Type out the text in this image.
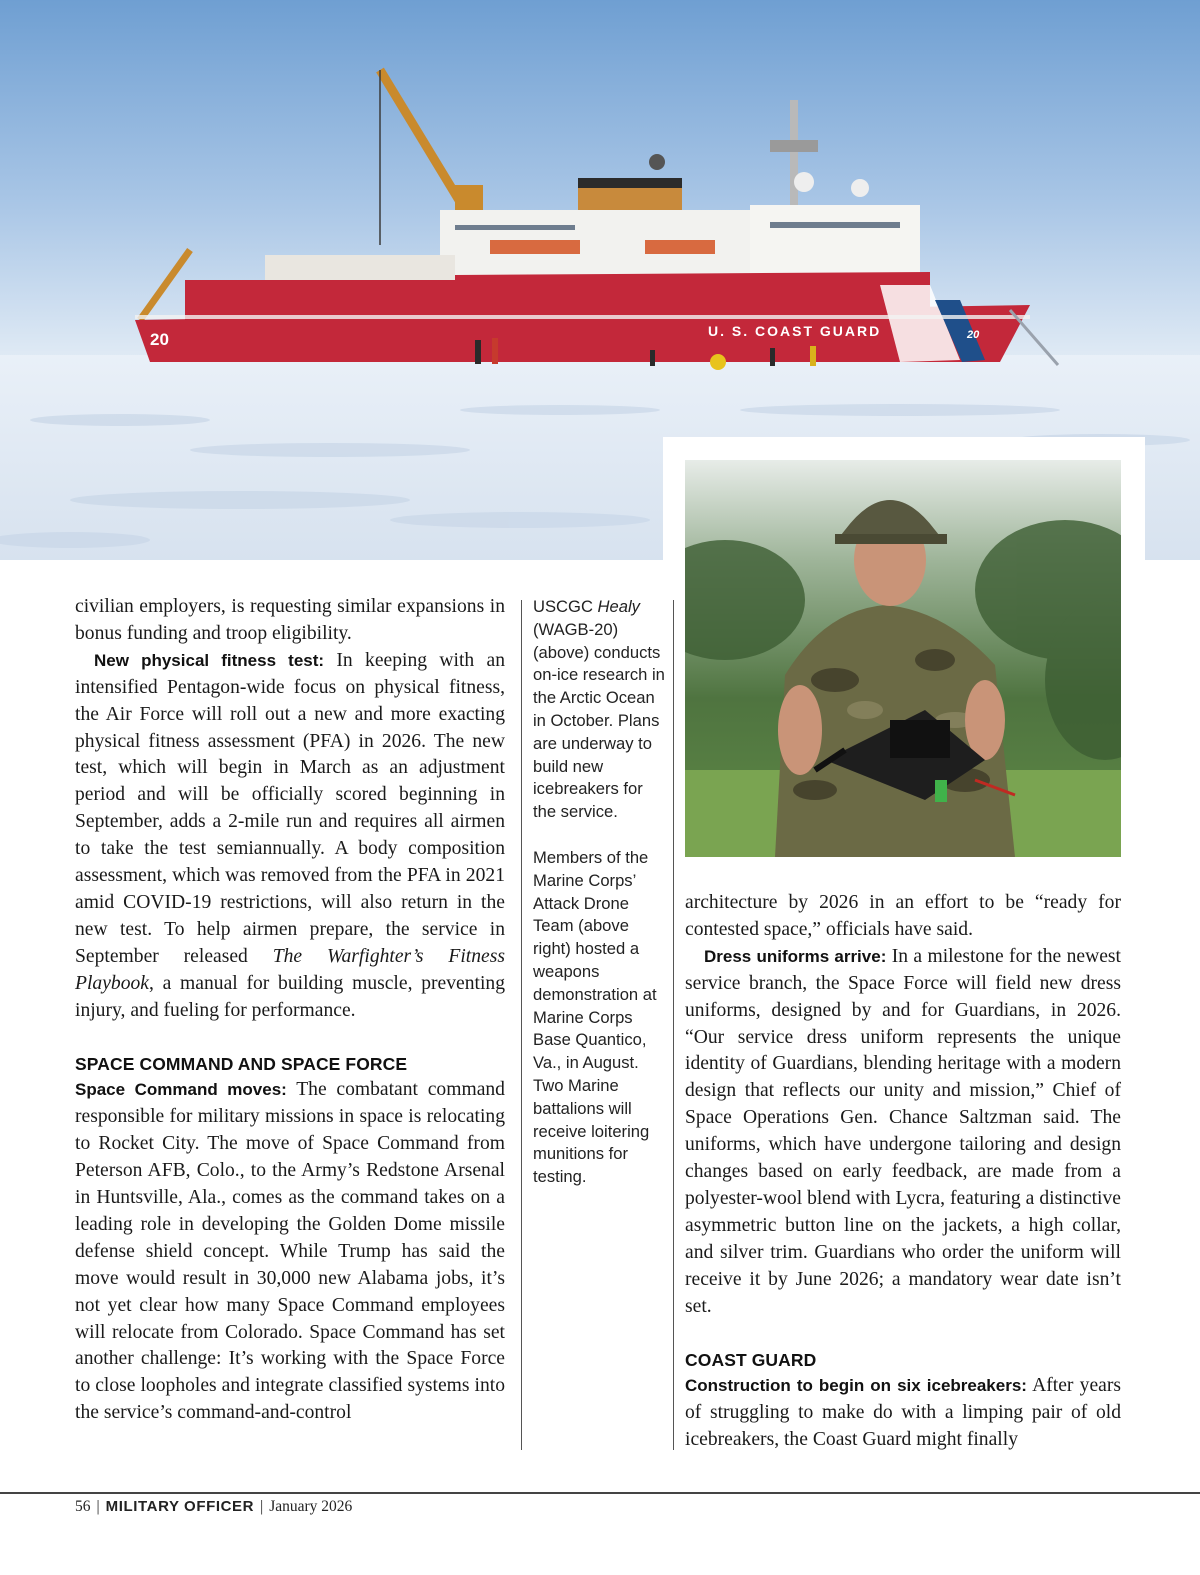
U. S. COAST GUARD
20	20

civilian employers, is requesting similar expansions in bonus funding and troop eligibility.

New physical fitness test: In keeping with an intensified Pentagon-wide focus on physical fitness, the Air Force will roll out a new and more exacting physical fitness assessment (PFA) in 2026. The new test, which will begin in March as an adjustment period and will be officially scored beginning in September, adds a 2-mile run and requires all airmen to take the test semiannually. A body composition assessment, which was removed from the PFA in 2021 amid COVID-19 restrictions, will also return in the new test. To help airmen prepare, the service in September released The Warfighter’s Fitness Playbook, a manual for building muscle, preventing injury, and fueling for performance.

SPACE COMMAND AND SPACE FORCE

Space Command moves: The combatant command responsible for military missions in space is relocating to Rocket City. The move of Space Command from Peterson AFB, Colo., to the Army’s Redstone Arsenal in Huntsville, Ala., comes as the command takes on a leading role in developing the Golden Dome missile defense shield concept. While Trump has said the move would result in 30,000 new Alabama jobs, it’s not yet clear how many Space Command employees will relocate from Colorado. Space Command has set another challenge: It’s working with the Space Force to close loopholes and integrate classified systems into the service’s command-and-control

USCGC Healy (WAGB-20) (above) conducts on-ice research in the Arctic Ocean in October. Plans are underway to build new icebreakers for the service.

Members of the Marine Corps’ Attack Drone Team (above right) hosted a weapons demonstration at Marine Corps Base Quantico, Va., in August. Two Marine battalions will receive loitering munitions for testing.

architecture by 2026 in an effort to be “ready for contested space,” officials have said.

Dress uniforms arrive: In a milestone for the newest service branch, the Space Force will field new dress uniforms, designed by and for Guardians, in 2026. “Our service dress uniform represents the unique identity of Guardians, blending heritage with a modern design that reflects our unity and mission,” Chief of Space Operations Gen. Chance Saltzman said. The uniforms, which have undergone tailoring and design changes based on early feedback, are made from a polyester-wool blend with Lycra, featuring a distinctive asymmetric button line on the jackets, a high collar, and silver trim. Guardians who order the uniform will receive it by June 2026; a mandatory wear date isn’t set.

COAST GUARD

Construction to begin on six icebreakers: After years of struggling to make do with a limping pair of old icebreakers, the Coast Guard might finally

56 | MILITARY OFFICER | January 2026
